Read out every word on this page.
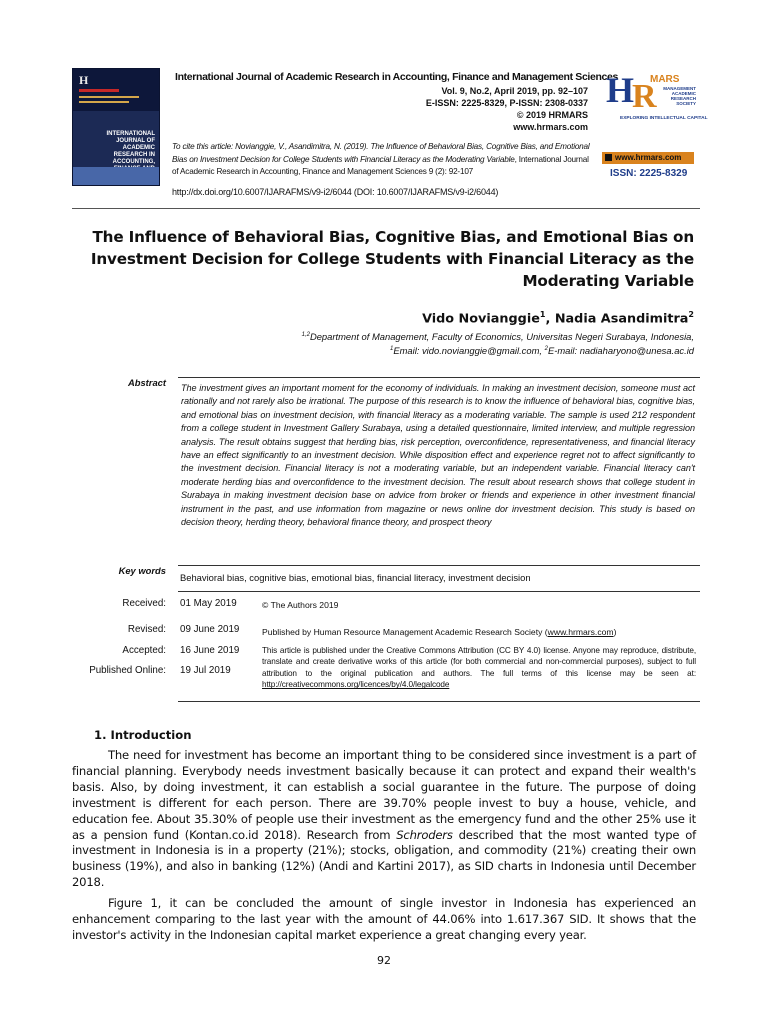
H
INTERNATIONAL JOURNAL OF ACADEMIC RESEARCH IN ACCOUNTING,
International Journal of Academic Research in Accounting, Finance and Management Sciences
Vol. 9, No.2, April 2019, pp. 92–107
E-ISSN: 2225-8329, P-ISSN: 2308-0337
© 2019 HRMARS
www.hrmars.com
To cite this article: Novianggie, V., Asandimitra, N. (2019). The Influence of Behavioral Bias, Cognitive Bias, and Emotional Bias on Investment Decision for College Students with Financial Literacy as the Moderating Variable, International Journal of Academic Research in Accounting, Finance and Management Sciences 9 (2): 92-107
http://dx.doi.org/10.6007/IJARAFMS/v9-i2/6044 (DOI: 10.6007/IJARAFMS/v9-i2/6044)
H
R
MARS
MANAGEMENT ACADEMIC RESEARCH SOCIETY
EXPLORING INTELLECTUAL CAPITAL
www.hrmars.com
ISSN: 2225-8329
The Influence of Behavioral Bias, Cognitive Bias, and Emotional Bias on Investment Decision for College Students with Financial Literacy as the Moderating Variable
Vido Novianggie$^1$, Nadia Asandimitra$^2$
$^{1,2}$Department of Management, Faculty of Economics, Universitas Negeri Surabaya, Indonesia,
$^1$Email: vido.novianggie@gmail.com, $^2$E-mail: nadiaharyono@unesa.ac.id
Abstract The investment gives an important moment for the economy of individuals. In making an investment decision, someone must act rationally and not rarely also be irrational. The purpose of this research is to know the influence of behavioral bias, cognitive bias, and emotional bias on investment decision, with financial literacy as a moderating variable. The sample is used 212 respondent from a college student in Investment Gallery Surabaya, using a detailed questionnaire, limited interview, and multiple regression analysis. The result obtains suggest that herding bias, risk perception, overconfidence, representativeness, and financial literacy have an effect significantly to an investment decision. While disposition effect and experience regret not to affect significantly to the investment decision. Financial literacy is not a moderating variable, but an independent variable. Financial literacy can't moderate herding bias and overconfidence to the investment decision. The result about research shows that college student in Surabaya in making investment decision base on advice from broker or friends and experience in other investment financial instrument in the past, and use information from magazine or news online dor investment decision. This study is based on decision theory, herding theory, behavioral finance theory, and prospect theory
Key words
Behavioral bias, cognitive bias, emotional bias, financial literacy, investment decision
Received: 01 May 2019
Revised: 09 June 2019
Accepted: 16 June 2019
Published Online: 19 Jul 2019
© The Authors 2019
Published by Human Resource Management Academic Research Society (www.hrmars.com)
This article is published under the Creative Commons Attribution (CC BY 4.0) license. Anyone may reproduce, distribute, translate and create derivative works of this article (for both commercial and non-commercial purposes), subject to full attribution to the original publication and authors. The full terms of this license may be seen at: http://creativecommons.org/licences/by/4.0/legalcode
1. Introduction
The need for investment has become an important thing to be considered since investment is a part of financial planning. Everybody needs investment basically because it can protect and expand their wealth's basis. Also, by doing investment, it can establish a social guarantee in the future. The purpose of doing investment is different for each person. There are 39.70% people invest to buy a house, vehicle, and education fee. About 35.30% of people use their investment as the emergency fund and the other 25% use it as a pension fund (Kontan.co.id 2018). Research from Schroders described that the most wanted type of investment in Indonesia is in a property (21%); stocks, obligation, and commodity (21%) creating their own business (19%), and also in banking (12%) (Andi and Kartini 2017), as SID charts in Indonesia until December 2018.
Figure 1, it can be concluded the amount of single investor in Indonesia has experienced an enhancement comparing to the last year with the amount of 44.06% into 1.617.367 SID. It shows that the investor's activity in the Indonesian capital market experience a great changing every year.
92
